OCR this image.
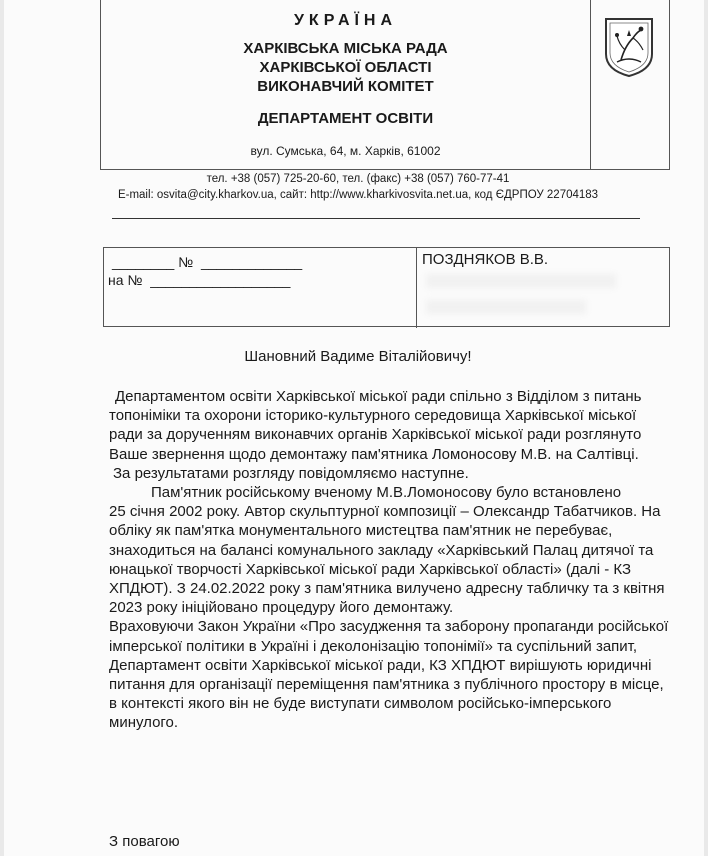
УКРАЇНА
ХАРКІВСЬКА МІСЬКА РАДА
ХАРКІВСЬКОЇ ОБЛАСТІ
ВИКОНАВЧИЙ КОМІТЕТ
ДЕПАРТАМЕНТ ОСВІТИ
вул. Сумська, 64, м. Харків, 61002
тел. +38 (057) 725-20-60, тел. (факс) +38 (057) 760-77-41
E-mail: osvita@city.kharkov.ua, сайт: http://www.kharkivosvita.net.ua, код ЄДРПОУ 22704183
________ №  _____________
на №  __________________
ПОЗДНЯКОВ В.В.
Шановний Вадиме Віталійовичу!

Департаментом освіти Харківської міської ради спільно з Відділом з питань топоніміки та охорони історико-культурного середовища Харківської міської ради за дорученням виконавчих органів Харківської міської ради розглянуто Ваше звернення щодо демонтажу пам'ятника Ломоносову М.В. на Салтівці.

За результатами розгляду повідомляємо наступне.

Пам'ятник російському вченому М.В.Ломоносову було встановлено

25 січня 2002 року. Автор скульптурної композиції – Олександр Табатчиков. На обліку як пам'ятка монументального мистецтва пам'ятник не перебуває, знаходиться на балансі комунального закладу «Харківський Палац дитячої та юнацької творчості Харківської міської ради Харківської області» (далі - КЗ ХПДЮТ). З 24.02.2022 року з пам'ятника вилучено адресну табличку та з квітня 2023 року ініційовано процедуру його демонтажу.

Враховуючи Закон України «Про засудження та заборону пропаганди російської імперської політики в Україні і деколонізацію топонімії» та суспільний запит, Департамент освіти Харківської міської ради, КЗ ХПДЮТ вирішують юридичні питання для організації переміщення пам'ятника з публічного простору в місце, в контексті якого він не буде виступати символом російсько-імперського минулого.

З повагою
